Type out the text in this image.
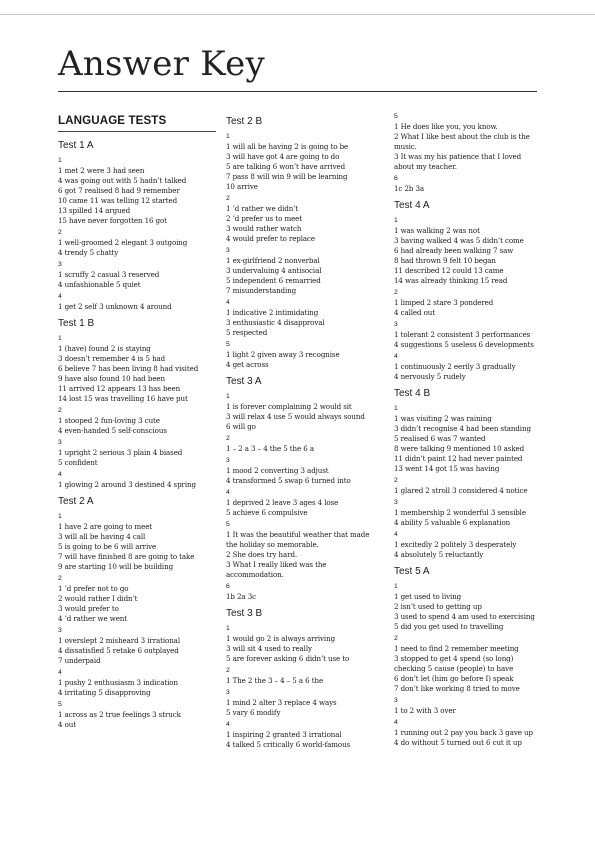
Answer Key
LANGUAGE TESTS
Test 1 A
1
1 met 2 were 3 had seen
4 was going out with 5 hadn’t talked
6 got 7 realised 8 had 9 remember
10 came 11 was telling 12 started
13 spilled 14 argued
15 have never forgotten 16 got
2
1 well-groomed 2 elegant 3 outgoing
4 trendy 5 chatty
3
1 scruffy 2 casual 3 reserved
4 unfashionable 5 quiet
4
1 get 2 self 3 unknown 4 around
Test 1 B
1
1 (have) found 2 is staying
3 doesn’t remember 4 is 5 had
6 believe 7 has been living 8 had visited
9 have also found 10 had been
11 arrived 12 appears 13 has been
14 lost 15 was travelling 16 have put
2
1 stooped 2 fun-loving 3 cute
4 even-handed 5 self-conscious
3
1 upright 2 serious 3 plain 4 biased
5 confident
4
1 glowing 2 around 3 destined 4 spring
Test 2 A
1
1 have 2 are going to meet
3 will all be having 4 call
5 is going to be 6 will arrive
7 will have finished 8 are going to take
9 are starting 10 will be building
2
1 ’d prefer not to go
2 would rather I didn’t
3 would prefer to
4 ’d rather we went
3
1 overslept 2 misheard 3 irrational
4 dissatisfied 5 retake 6 outplayed
7 underpaid
4
1 pushy 2 enthusiasm 3 indication
4 irritating 5 disapproving
5
1 across as 2 true feelings 3 struck
4 out
Test 2 B
1
1 will all be having 2 is going to be
3 will have got 4 are going to do
5 are talking 6 won’t have arrived
7 pass 8 will win 9 will be learning
10 arrive
2
1 ’d rather we didn’t
2 ’d prefer us to meet
3 would rather watch
4 would prefer to replace
3
1 ex-girlfriend 2 nonverbal
3 undervaluing 4 antisocial
5 independent 6 remarried
7 misunderstanding
4
1 indicative 2 intimidating
3 enthusiastic 4 disapproval
5 respected
5
1 light 2 given away 3 recognise
4 get across
Test 3 A
1
1 is forever complaining 2 would sit
3 will relax 4 use 5 would always sound
6 will go
2
1 – 2 a 3 – 4 the 5 the 6 a
3
1 mood 2 converting 3 adjust
4 transformed 5 swap 6 turned into
4
1 deprived 2 leave 3 ages 4 lose
5 achieve 6 compulsive
5
1 It was the beautiful weather that made
the holiday so memorable.
2 She does try hard.
3 What I really liked was the
accommodation.
6
1b 2a 3c
Test 3 B
1
1 would go 2 is always arriving
3 will sit 4 used to really
5 are forever asking 6 didn’t use to
2
1 The 2 the 3 – 4 – 5 a 6 the
3
1 mind 2 alter 3 replace 4 ways
5 vary 6 modify
4
1 inspiring 2 granted 3 irrational
4 talked 5 critically 6 world-famous
5
1 He does like you, you know.
2 What I like best about the club is the
music.
3 It was my his patience that I loved
about my teacher.
6
1c 2b 3a
Test 4 A
1
1 was walking 2 was not
3 having walked 4 was 5 didn’t come
6 had already been walking 7 saw
8 had thrown 9 felt 10 began
11 described 12 could 13 came
14 was already thinking 15 read
2
1 limped 2 stare 3 pondered
4 called out
3
1 tolerant 2 consistent 3 performances
4 suggestions 5 useless 6 developments
4
1 continuously 2 eerily 3 gradually
4 nervously 5 rudely
Test 4 B
1
1 was visiting 2 was raining
3 didn’t recognise 4 had been standing
5 realised 6 was 7 wanted
8 were talking 9 mentioned 10 asked
11 didn’t paint 12 had never painted
13 went 14 got 15 was having
2
1 glared 2 stroll 3 considered 4 notice
3
1 membership 2 wonderful 3 sensible
4 ability 5 valuable 6 explanation
4
1 excitedly 2 politely 3 desperately
4 absolutely 5 reluctantly
Test 5 A
1
1 get used to living
2 isn’t used to getting up
3 used to spend 4 am used to exercising
5 did you get used to travelling
2
1 need to find 2 remember meeting
3 stopped to get 4 spend (so long)
checking 5 cause (people) to have
6 don’t let (him go before I) speak
7 don’t like working 8 tried to move
3
1 to 2 with 3 over
4
1 running out 2 pay you back 3 gave up
4 do without 5 turned out 6 cut it up
